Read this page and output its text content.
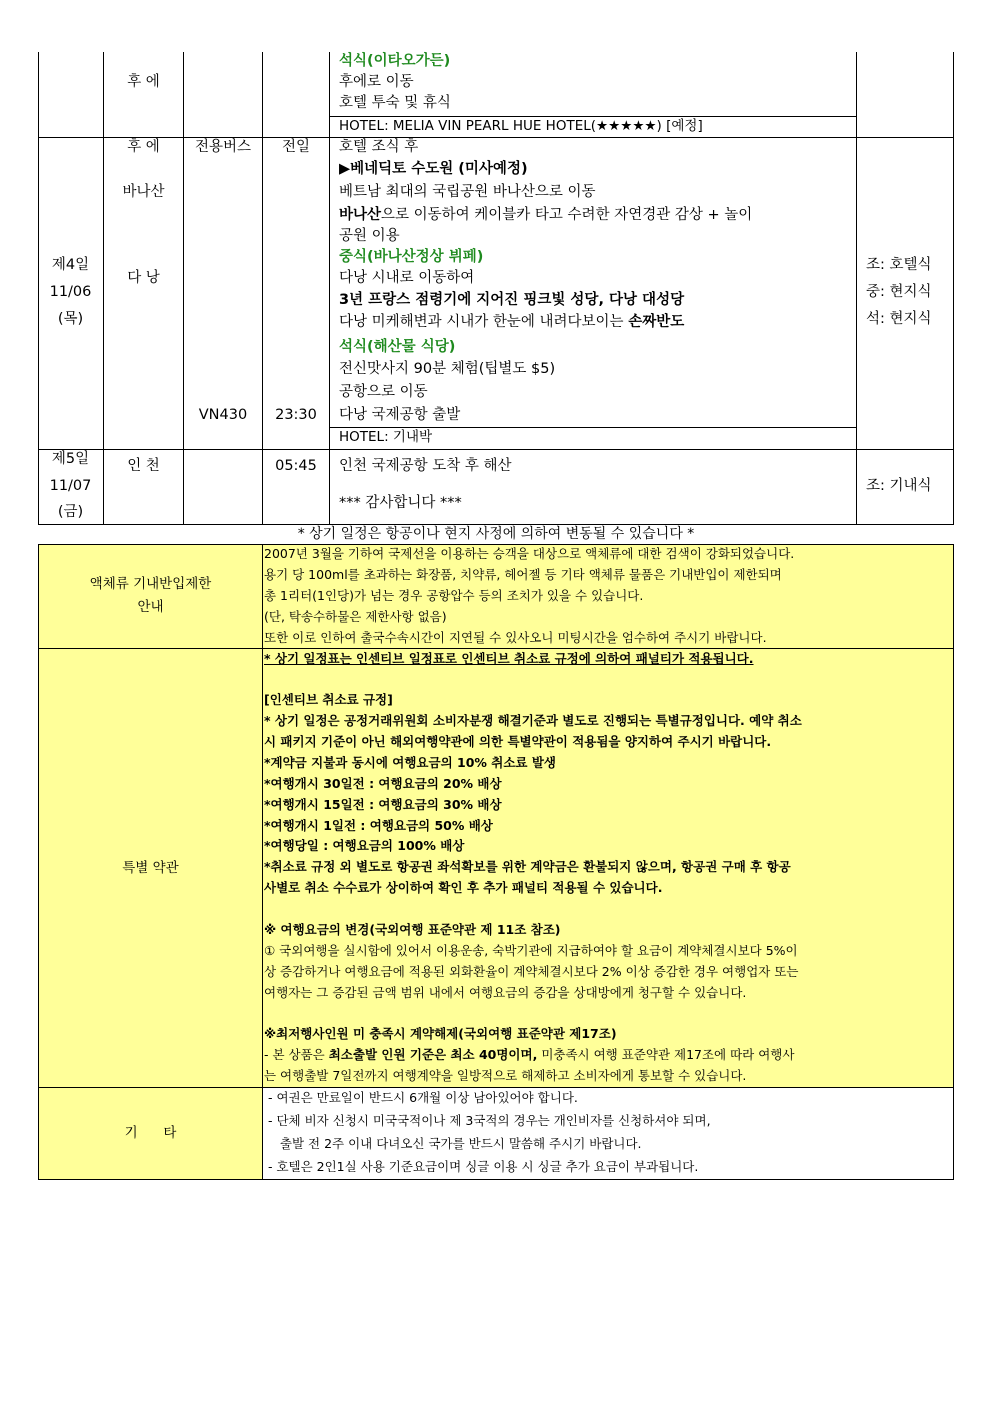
후 에
석식(이타오가든)
후에로 이동
호텔 투숙 및 휴식
HOTEL: MELIA VIN PEARL HUE HOTEL(★★★★★) [예정]
제4일
11/06
(목)
후 에
바나산
다 낭
전용버스
VN430
전일
23:30
호텔 조식 후
▶베네딕토 수도원 (미사예정)
베트남 최대의 국립공원 바나산으로 이동
바나산으로 이동하여 케이블카 타고 수려한 자연경관 감상 + 놀이
공원 이용
중식(바나산정상 뷔페)
다낭 시내로 이동하여
3년 프랑스 점령기에 지어진 핑크빛 성당, 다낭 대성당
다낭 미케해변과 시내가 한눈에 내려다보이는 손짜반도
석식(해산물 식당)
전신맛사지 90분 체험(팁별도 $5)
공항으로 이동
다낭 국제공항 출발
HOTEL: 기내박
조: 호텔식
중: 현지식
석: 현지식
제5일
11/07
(금)
인 천	05:45	인천 국제공항 도착 후 해산
*** 감사합니다 ***
조: 기내식
* 상기 일정은 항공이나 현지 사정에 의하여 변동될 수 있습니다 *
액체류 기내반입제한
안내
2007년 3월을 기하여 국제선을 이용하는 승객을 대상으로 액체류에 대한 검색이 강화되었습니다.
용기 당 100ml를 초과하는 화장품, 치약류, 헤어젤 등 기타 액체류 물품은 기내반입이 제한되며
총 1리터(1인당)가 넘는 경우 공항압수 등의 조치가 있을 수 있습니다.
(단, 탁송수하물은 제한사항 없음)
또한 이로 인하여 출국수속시간이 지연될 수 있사오니 미팅시간을 엄수하여 주시기 바랍니다.
특별 약관
* 상기 일정표는 인센티브 일정표로 인센티브 취소료 규정에 의하여 패널티가 적용됩니다.
[인센티브 취소료 규정]
* 상기 일정은 공정거래위원회 소비자분쟁 해결기준과 별도로 진행되는 특별규정입니다. 예약 취소
시 패키지 기준이 아닌 해외여행약관에 의한 특별약관이 적용됨을 양지하여 주시기 바랍니다.
*계약금 지불과 동시에 여행요금의 10% 취소료 발생
*여행개시 30일전 : 여행요금의 20% 배상
*여행개시 15일전 : 여행요금의 30% 배상
*여행개시 1일전 : 여행요금의 50% 배상
*여행당일 : 여행요금의 100% 배상
*취소료 규정 외 별도로 항공권 좌석확보를 위한 계약금은 환불되지 않으며, 항공권 구매 후 항공
사별로 취소 수수료가 상이하여 확인 후 추가 패널티 적용될 수 있습니다.
※ 여행요금의 변경(국외여행 표준약관 제 11조 참조)
① 국외여행을 실시함에 있어서 이용운송, 숙박기관에 지급하여야 할 요금이 계약체결시보다 5%이
상 증감하거나 여행요금에 적용된 외화환율이 계약체결시보다 2% 이상 증감한 경우 여행업자 또는
여행자는 그 증감된 금액 범위 내에서 여행요금의 증감을 상대방에게 청구할 수 있습니다.
※최저행사인원 미 충족시 계약해제(국외여행 표준약관 제17조)
- 본 상품은 최소출발 인원 기준은 최소 40명이며, 미충족시 여행 표준약관 제17조에 따라 여행사
는 여행출발 7일전까지 여행계약을 일방적으로 해제하고 소비자에게 통보할 수 있습니다.
기      타
- 여권은 만료일이 반드시 6개월 이상 남아있어야 합니다.
- 단체 비자 신청시 미국국적이나 제 3국적의 경우는 개인비자를 신청하셔야 되며,
출발 전 2주 이내 다녀오신 국가를 반드시 말씀해 주시기 바랍니다.
- 호텔은 2인1실 사용 기준요금이며 싱글 이용 시 싱글 추가 요금이 부과됩니다.
